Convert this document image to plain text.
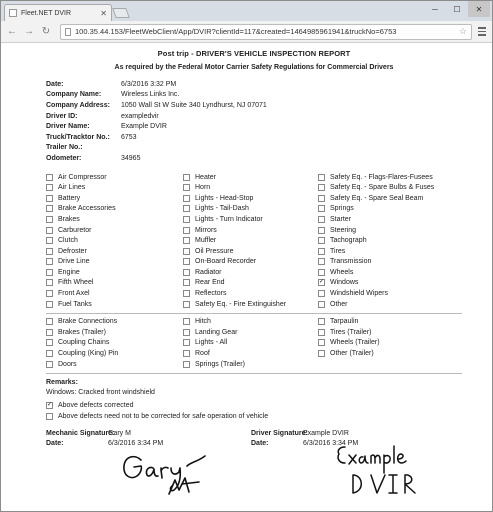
Fleet.NET DVIR	✕	─	☐	✕
← → ↻	100.35.44.153/FleetWebClient/App/DVIR?clientId=117&created=1464985961941&truckNo=6753	☆
Post trip - DRIVER'S VEHICLE INSPECTION REPORT
As required by the Federal Motor Carrier Safety Regulations for Commercial Drivers
Date:	6/3/2016 3:32 PM
Company Name:	Wireless Links Inc.
Company Address:	1050 Wall St W Suite 340 Lyndhurst, NJ 07071
Driver ID:	exampledvir
Driver Name:	Example DVIR
Truck/Tracktor No.:	6753
Trailer No.:
Odometer:	34965
Air Compressor
Air Lines
Battery
Brake Accessories
Brakes
Carburetor
Clutch
Defroster
Drive Line
Engine
Fifth Wheel
Front Axel
Fuel Tanks
Heater
Horn
Lights - Head-Stop
Lights - Tail-Dash
Lights - Turn Indicator
Mirrors
Muffler
Oil Pressure
On-Board Recorder
Radiator
Rear End
Reflectors
Safety Eq. - Fire Extinguisher
Safety Eq. - Flags-Flares-Fusees
Safety Eq. - Spare Bulbs & Fuses
Safety Eq. - Spare Seal Beam
Springs
Starter
Steering
Tachograph
Tires
Transmission
Wheels
✓ Windows
Windshield Wipers
Other
Brake Connections
Brakes (Trailer)
Coupling Chains
Coupling (King) Pin
Doors
Hitch
Landing Gear
Lights - All
Roof
Springs (Trailer)
Tarpaulin
Tires (Trailer)
Wheels (Trailer)
Other (Trailer)
Remarks:
Windows: Cracked front windshield
✓ Above defects corrected
Above defects need not to be corrected for safe operation of vehicle
Mechanic Signature:
Gary M
Date:	6/3/2016 3:34 PM
Driver Signature:
Example DVIR
Date:	6/3/2016 3:34 PM
